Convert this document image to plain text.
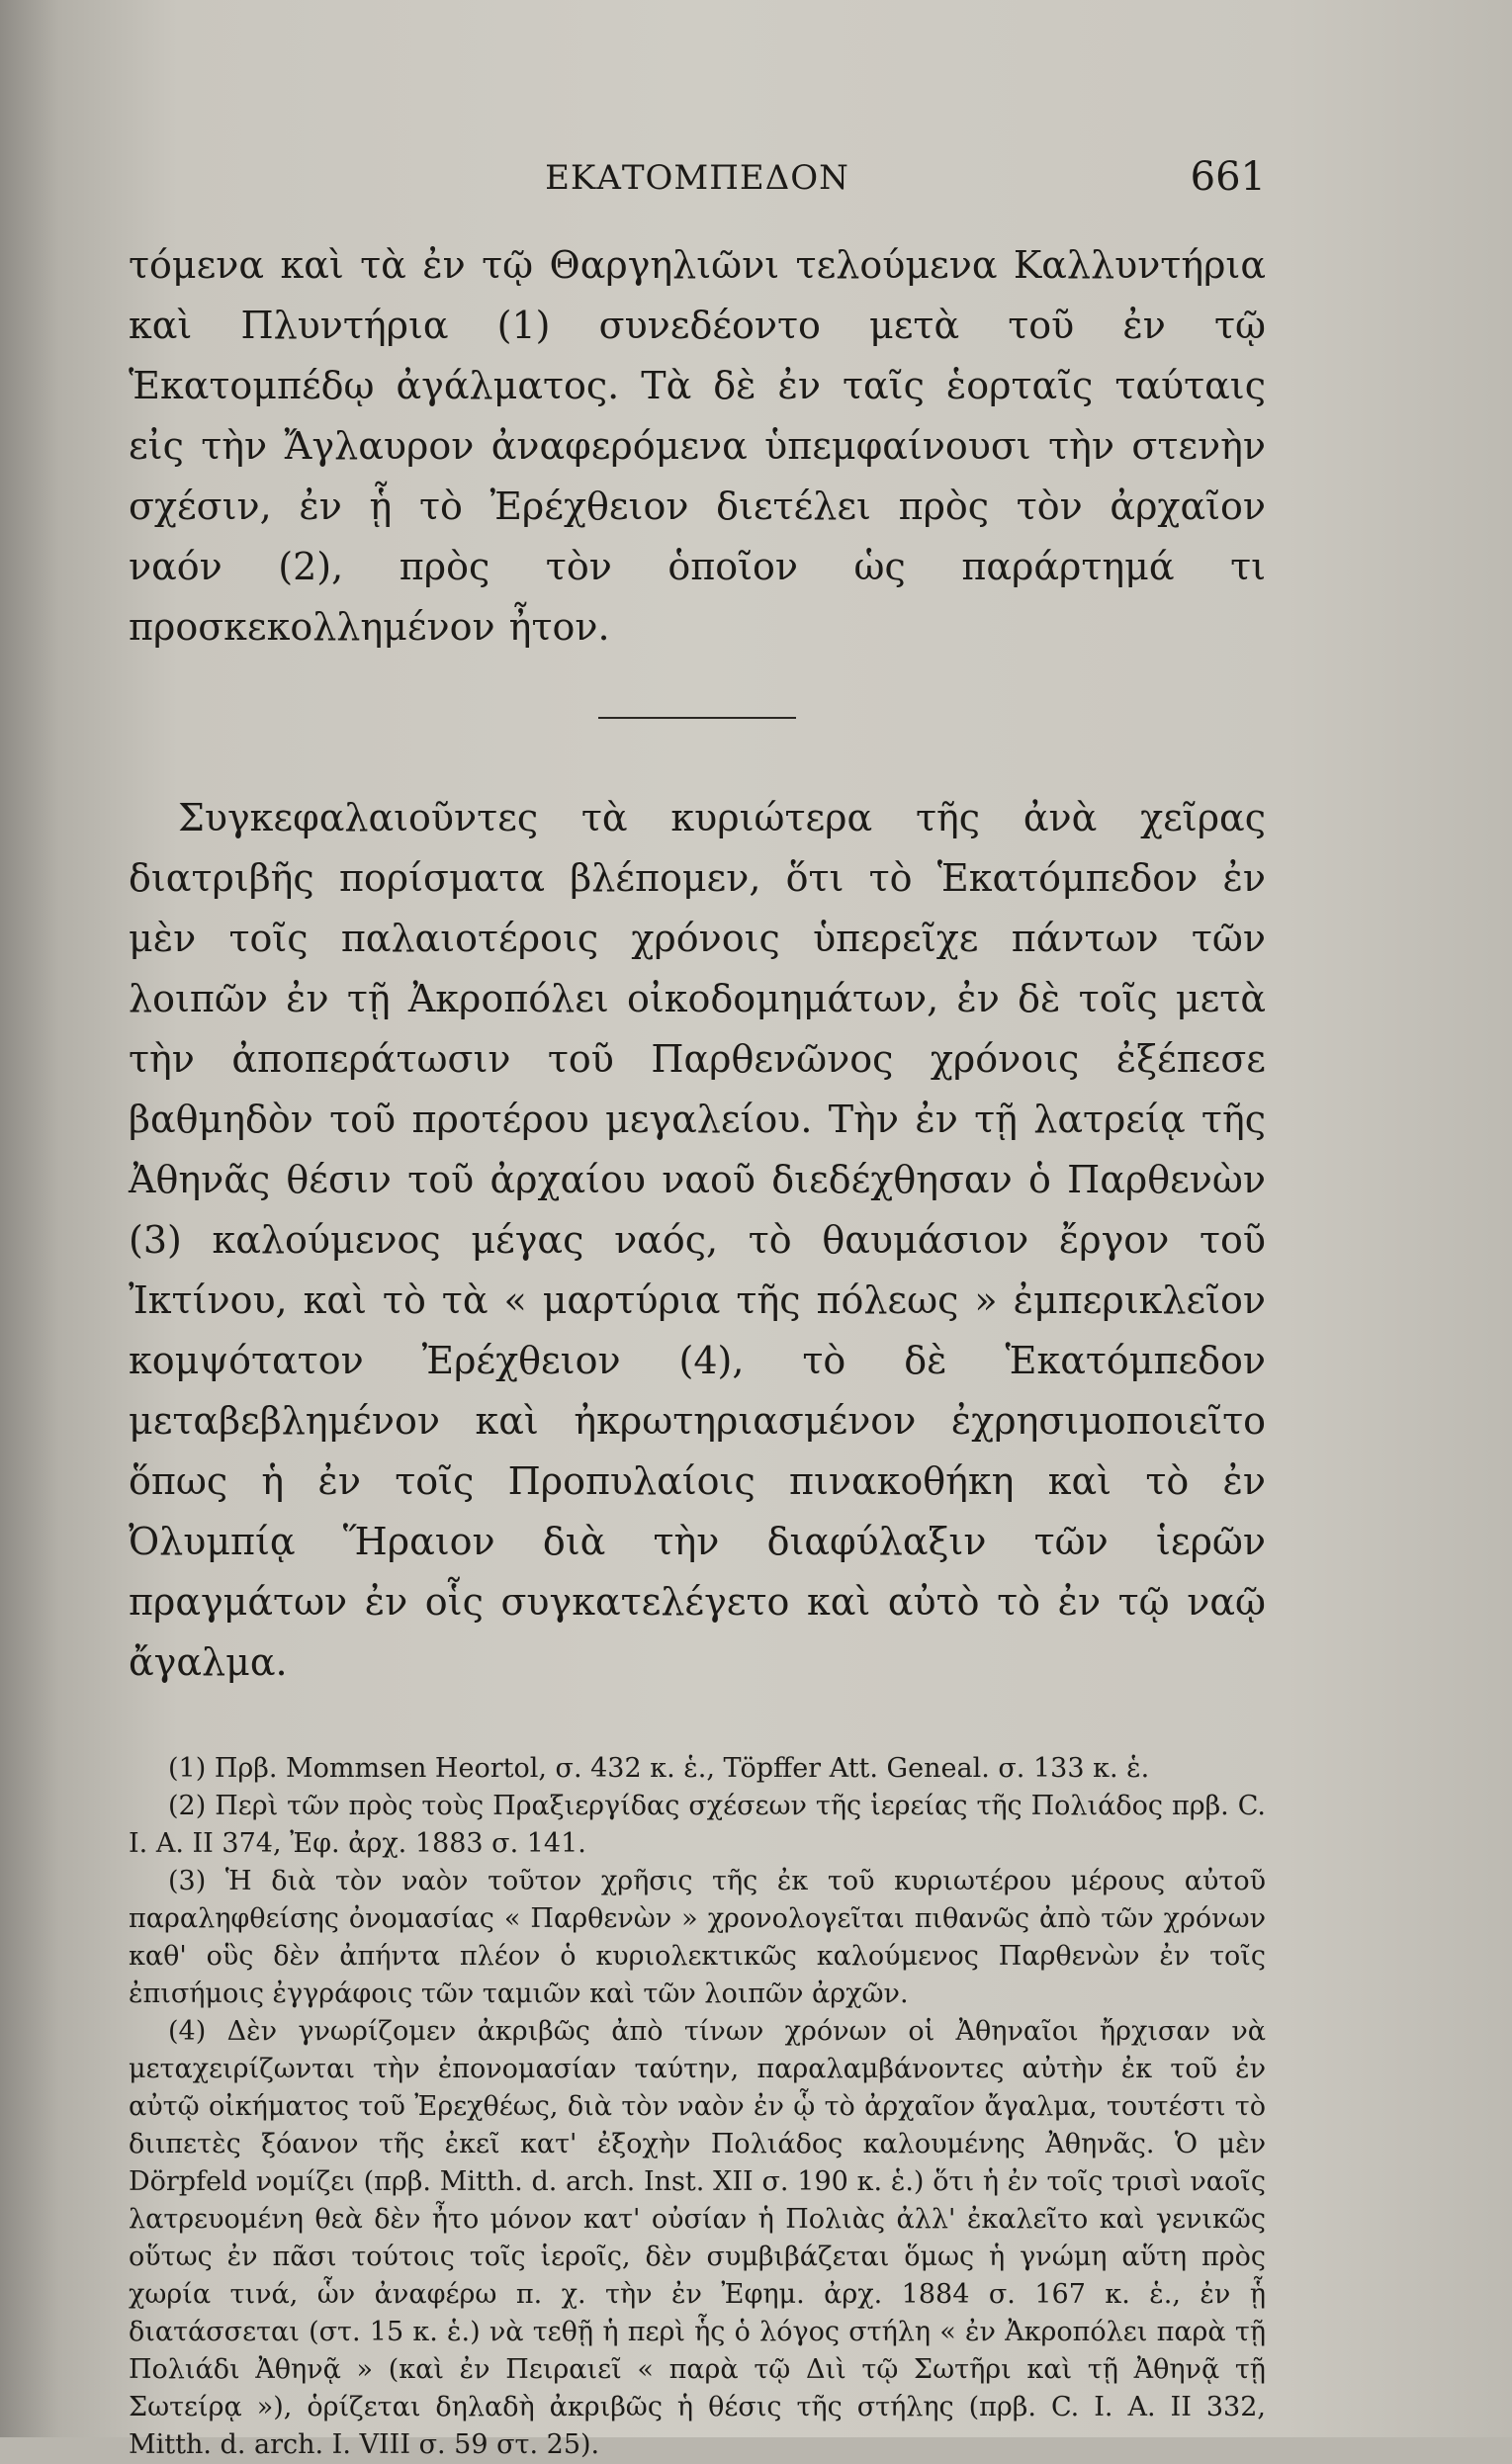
ΕΚΑΤΟΜΠΕΔΟΝ	661

τόμενα καὶ τὰ ἐν τῷ Θαργηλιῶνι τελούμενα Καλλυντήρια καὶ Πλυντήρια (1) συνεδέοντο μετὰ τοῦ ἐν τῷ Ἑκατομπέδῳ ἀγάλματος. Τὰ δὲ ἐν ταῖς ἑορταῖς ταύταις εἰς τὴν Ἄγλαυρον ἀναφερόμενα ὑπεμφαίνουσι τὴν στενὴν σχέσιν, ἐν ᾗ τὸ Ἐρέχθειον διετέλει πρὸς τὸν ἀρχαῖον ναόν (2), πρὸς τὸν ὁποῖον ὡς παράρτημά τι προσκεκολλημένον ἦτον.

Συγκεφαλαιοῦντες τὰ κυριώτερα τῆς ἀνὰ χεῖρας διατριβῆς πορίσματα βλέπομεν, ὅτι τὸ Ἑκατόμπεδον ἐν μὲν τοῖς παλαιοτέροις χρόνοις ὑπερεῖχε πάντων τῶν λοιπῶν ἐν τῇ Ἀκροπόλει οἰκοδομημάτων, ἐν δὲ τοῖς μετὰ τὴν ἀποπεράτωσιν τοῦ Παρθενῶνος χρόνοις ἐξέπεσε βαθμηδὸν τοῦ προτέρου μεγαλείου. Τὴν ἐν τῇ λατρείᾳ τῆς Ἀθηνᾶς θέσιν τοῦ ἀρχαίου ναοῦ διεδέχθησαν ὁ Παρθενὼν (3) καλούμενος μέγας ναός, τὸ θαυμάσιον ἔργον τοῦ Ἰκτίνου, καὶ τὸ τὰ « μαρτύρια τῆς πόλεως » ἐμπερικλεῖον κομψότατον Ἐρέχθειον (4), τὸ δὲ Ἑκατόμπεδον μεταβεβλημένον καὶ ἠκρωτηριασμένον ἐχρησιμοποιεῖτο ὅπως ἡ ἐν τοῖς Προπυλαίοις πινακοθήκη καὶ τὸ ἐν Ὀλυμπίᾳ Ἥραιον διὰ τὴν διαφύλαξιν τῶν ἱερῶν πραγμάτων ἐν οἷς συγκατελέγετο καὶ αὐτὸ τὸ ἐν τῷ ναῷ ἄγαλμα.

(1) Πρβ. Mommsen Heortol, σ. 432 κ. ἑ., Töpffer Att. Geneal. σ. 133 κ. ἑ.

(2) Περὶ τῶν πρὸς τοὺς Πραξιεργίδας σχέσεων τῆς ἱερείας τῆς Πολιάδος πρβ. C. I. A. II 374, Ἐφ. ἀρχ. 1883 σ. 141.

(3) Ἡ διὰ τὸν ναὸν τοῦτον χρῆσις τῆς ἐκ τοῦ κυριωτέρου μέρους αὐτοῦ παραληφθείσης ὀνομασίας « Παρθενὼν » χρονολογεῖται πιθανῶς ἀπὸ τῶν χρόνων καθ' οὓς δὲν ἀπήντα πλέον ὁ κυριολεκτικῶς καλούμενος Παρθενὼν ἐν τοῖς ἐπισήμοις ἐγγράφοις τῶν ταμιῶν καὶ τῶν λοιπῶν ἀρχῶν.

(4) Δὲν γνωρίζομεν ἀκριβῶς ἀπὸ τίνων χρόνων οἱ Ἀθηναῖοι ἤρχισαν νὰ μεταχειρίζωνται τὴν ἐπονομασίαν ταύτην, παραλαμβάνοντες αὐτὴν ἐκ τοῦ ἐν αὐτῷ οἰκήματος τοῦ Ἐρεχθέως, διὰ τὸν ναὸν ἐν ᾧ τὸ ἀρχαῖον ἄγαλμα, τουτέστι τὸ διιπετὲς ξόανον τῆς ἐκεῖ κατ' ἐξοχὴν Πολιάδος καλουμένης Ἀθηνᾶς. Ὁ μὲν Dörpfeld νομίζει (πρβ. Mitth. d. arch. Inst. XII σ. 190 κ. ἑ.) ὅτι ἡ ἐν τοῖς τρισὶ ναοῖς λατρευομένη θεὰ δὲν ἦτο μόνον κατ' οὐσίαν ἡ Πολιὰς ἀλλ' ἐκαλεῖτο καὶ γενικῶς οὕτως ἐν πᾶσι τούτοις τοῖς ἱεροῖς, δὲν συμβιβάζεται ὅμως ἡ γνώμη αὕτη πρὸς χωρία τινά, ὧν ἀναφέρω π. χ. τὴν ἐν Ἐφημ. ἀρχ. 1884 σ. 167 κ. ἑ., ἐν ᾗ διατάσσεται (στ. 15 κ. ἑ.) νὰ τεθῇ ἡ περὶ ἧς ὁ λόγος στήλη « ἐν Ἀκροπόλει παρὰ τῇ Πολιάδι Ἀθηνᾷ » (καὶ ἐν Πειραιεῖ « παρὰ τῷ Διὶ τῷ Σωτῆρι καὶ τῇ Ἀθηνᾷ τῇ Σωτείρᾳ »), ὁρίζεται δηλαδὴ ἀκριβῶς ἡ θέσις τῆς στήλης (πρβ. C. I. A. II 332, Mitth. d. arch. I. VIII σ. 59 στ. 25).
